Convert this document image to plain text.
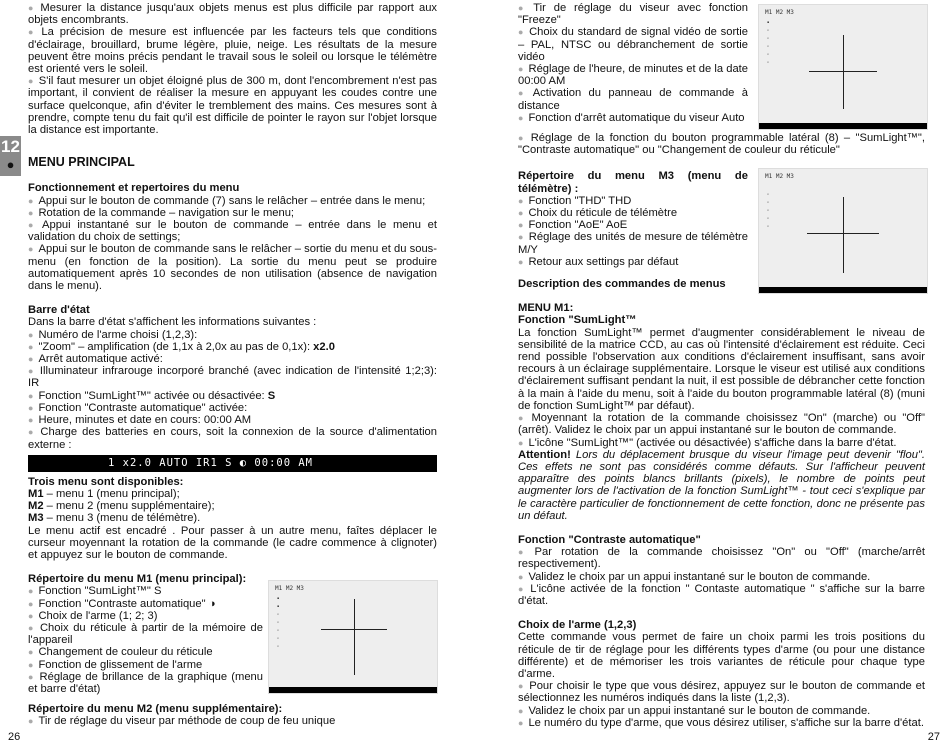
12
●

● Mesurer la distance jusqu'aux objets menus est plus difficile par rapport aux objets encombrants.

● La précision de mesure est influencée par les facteurs tels que conditions d'éclairage, brouillard, brume légère, pluie, neige. Les résultats de la mesure peuvent être moins précis pendant le travail sous le soleil ou lorsque le télémètre est orienté vers le soleil.

● S'il faut mesurer un objet éloigné plus de 300 m, dont l'encombrement n'est pas important, il convient de réaliser la mesure en appuyant les coudes contre une surface quelconque, afin d'éviter le tremblement des mains. Ces mesures sont à prendre, compte tenu du fait qu'il est difficile de pointer le rayon sur l'objet lorsque la distance est importante.

MENU PRINCIPAL

Fonctionnement et repertoires du menu

● Appui sur le bouton de commande (7) sans le relâcher – entrée dans le menu;

● Rotation de la commande – navigation sur le menu;

● Appui instantané sur le bouton de commande – entrée dans le menu et validation du choix de settings;

● Appui sur le bouton de commande sans le relâcher – sortie du menu et du sous-menu (en fonction de la position). La sortie du menu peut se produire automatiquement après 10 secondes de non utilisation (absence de navigation dans le menu).

Barre d'état

Dans la barre d'état s'affichent les informations suivantes :

● Numéro de l'arme choisi (1,2,3):

● "Zoom" – amplification (de 1,1x à 2,0x au pas de 0,1x): x2.0

● Arrêt automatique activé:

● Illuminateur infrarouge incorporé branché (avec indication de l'intensité 1;2;3): IR

● Fonction "SumLight™" activée ou désactivée: S

● Fonction "Contraste automatique" activée:

● Heure, minutes et date en cours: 00:00 AM

● Charge des batteries en cours, soit la connexion de la source d'alimentation externe :

1 x2.0 AUTO IR1 S ◐ 00:00 AM

Trois menu sont disponibles:

M1 – menu 1 (menu principal);

M2 – menu 2 (menu supplémentaire);

M3 – menu 3 (menu de télémètre).

Le menu actif est encadré . Pour passer à un autre menu, faîtes déplacer le curseur moyennant la rotation de la commande (le cadre commence à clignoter) et appuyez sur le bouton de commande.

Répertoire du menu M1 (menu principal):

● Fonction "SumLight™" S

● Fonction "Contraste automatique" ◑

● Choix de l'arme (1; 2; 3)

● Choix du réticule à partir de la mémoire de l'appareil

● Changement de couleur du réticule

● Fonction de glissement de l'arme

● Réglage de brillance de la graphique (menu et barre d'état)

Répertoire du menu M2 (menu supplémentaire):

● Tir de réglage du viseur par méthode de coup de feu unique

M1 M2 M3
▪
▪
◦
◦
◦
◦
◦

● Tir de réglage du viseur avec fonction "Freeze"

● Choix du standard de signal vidéo de sortie – PAL, NTSC ou débranchement de sortie vidéo

● Réglage de l'heure, de minutes et de la date 00:00 AM

● Activation du panneau de commande à distance

● Fonction d'arrêt automatique du viseur Auto

● Réglage de la fonction du bouton programmable latéral (8) – "SumLight™", "Contraste automatique" ou "Changement de couleur du réticule"

Répertoire du menu M3 (menu de télémètre) :

● Fonction "THD" THD

● Choix du réticule de télémètre

● Fonction "AoE" AoE

● Réglage des unités de mesure de télémètre M/Y

● Retour aux settings par défaut

Description des commandes de menus

MENU M1:

Fonction "SumLight™

La fonction SumLight™ permet d'augmenter considérablement le niveau de sensibilité de la matrice CCD, au cas où l'intensité d'éclairement est réduite. Ceci rend possible l'observation aux conditions d'éclairement insuffisant, sans avoir recours à un éclairage supplémentaire. Lorsque le viseur est utilisé aux conditions d'éclairement suffisant pendant la nuit, il est possible de débrancher cette fonction à la main à l'aide du menu, soit à l'aide du bouton programmable latéral (8) (muni de fonction SumLight™ par défaut).

● Moyennant la rotation de la commande choisissez "On" (marche) ou "Off" (arrêt). Validez le choix par un appui instantané sur le bouton de commande.

● L'icône "SumLight™" (activée ou désactivée) s'affiche dans la barre d'état.

Attention! Lors du déplacement brusque du viseur l'image peut devenir "flou". Ces effets ne sont pas considérés comme défauts. Sur l'afficheur peuvent apparaître des points blancs brillants (pixels), le nombre de points peut augmenter lors de l'activation de la fonction SumLight™ - tout ceci s'explique par le caractère particulier de fonctionnement de cette fonction, donc ne présente pas un défaut.

Fonction "Contraste automatique"

● Par rotation de la commande choisissez "On" ou "Off" (marche/arrêt respectivement).

● Validez le choix par un appui instantané sur le bouton de commande.

● L'icône activée de la fonction " Contaste automatique " s'affiche sur la barre d'état.

Choix de l'arme (1,2,3)

Cette commande vous permet de faire un choix parmi les trois positions du réticule de tir de réglage pour les différents types d'arme (ou pour une distance différente) et de mémoriser les trois variantes de réticule pour chaque type d'arme.

● Pour choisir le type que vous désirez, appuyez sur le bouton de commande et sélectionnez les numéros indiqués dans la liste (1,2,3).

● Validez le choix par un appui instantané sur le bouton de commande.

● Le numéro du type d'arme, que vous désirez utiliser, s'affiche sur la barre d'état.

M1 M2 M3
▪
◦
◦
◦
◦
◦
M1 M2 M3
◦
◦
◦
◦
◦
26	27
